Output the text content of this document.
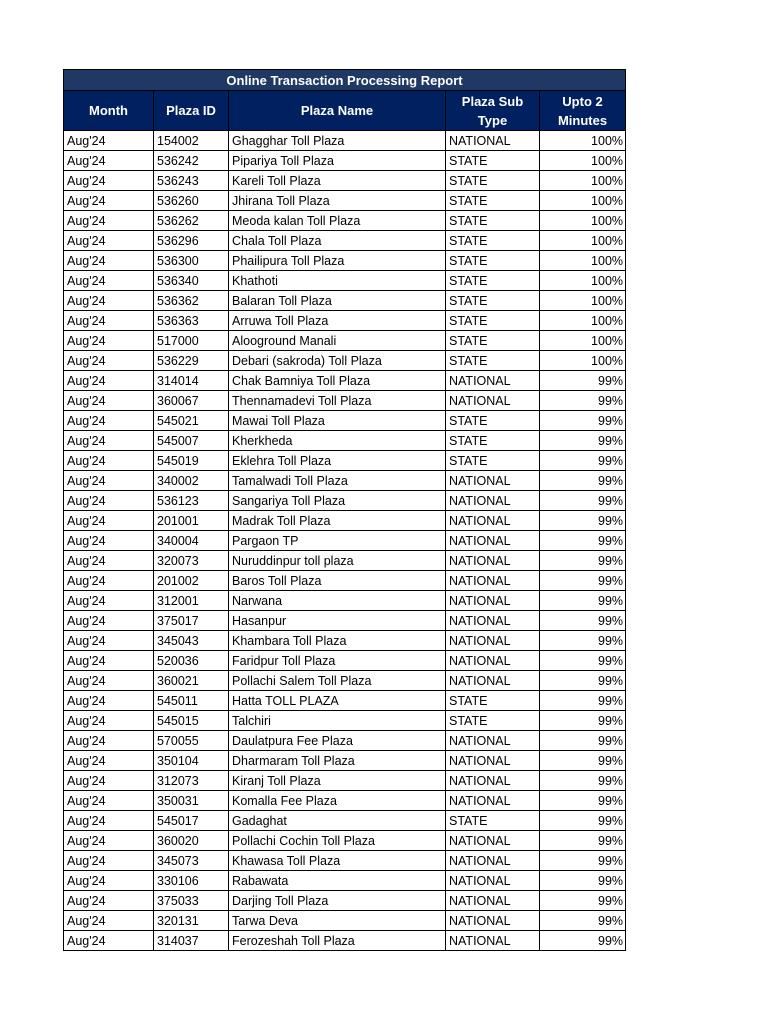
Online Transaction Processing Report				
Month	Plaza ID	Plaza Name	Plaza Sub Type	Upto 2 Minutes
Aug'24	154002	Ghagghar Toll Plaza	NATIONAL	100%
Aug'24	536242	Pipariya Toll Plaza	STATE	100%
Aug'24	536243	Kareli Toll Plaza	STATE	100%
Aug'24	536260	Jhirana Toll Plaza	STATE	100%
Aug'24	536262	Meoda kalan Toll Plaza	STATE	100%
Aug'24	536296	Chala Toll Plaza	STATE	100%
Aug'24	536300	Phailipura Toll Plaza	STATE	100%
Aug'24	536340	Khathoti	STATE	100%
Aug'24	536362	Balaran Toll Plaza	STATE	100%
Aug'24	536363	Arruwa Toll Plaza	STATE	100%
Aug'24	517000	Alooground Manali	STATE	100%
Aug'24	536229	Debari (sakroda) Toll Plaza	STATE	100%
Aug'24	314014	Chak Bamniya Toll Plaza	NATIONAL	99%
Aug'24	360067	Thennamadevi Toll Plaza	NATIONAL	99%
Aug'24	545021	Mawai Toll Plaza	STATE	99%
Aug'24	545007	Kherkheda	STATE	99%
Aug'24	545019	Eklehra Toll Plaza	STATE	99%
Aug'24	340002	Tamalwadi Toll Plaza	NATIONAL	99%
Aug'24	536123	Sangariya Toll Plaza	NATIONAL	99%
Aug'24	201001	Madrak Toll Plaza	NATIONAL	99%
Aug'24	340004	Pargaon TP	NATIONAL	99%
Aug'24	320073	Nuruddinpur toll plaza	NATIONAL	99%
Aug'24	201002	Baros Toll Plaza	NATIONAL	99%
Aug'24	312001	Narwana	NATIONAL	99%
Aug'24	375017	Hasanpur	NATIONAL	99%
Aug'24	345043	Khambara Toll Plaza	NATIONAL	99%
Aug'24	520036	Faridpur Toll Plaza	NATIONAL	99%
Aug'24	360021	Pollachi Salem Toll Plaza	NATIONAL	99%
Aug'24	545011	Hatta TOLL PLAZA	STATE	99%
Aug'24	545015	Talchiri	STATE	99%
Aug'24	570055	Daulatpura Fee Plaza	NATIONAL	99%
Aug'24	350104	Dharmaram Toll Plaza	NATIONAL	99%
Aug'24	312073	Kiranj Toll Plaza	NATIONAL	99%
Aug'24	350031	Komalla Fee Plaza	NATIONAL	99%
Aug'24	545017	Gadaghat	STATE	99%
Aug'24	360020	Pollachi Cochin Toll Plaza	NATIONAL	99%
Aug'24	345073	Khawasa Toll Plaza	NATIONAL	99%
Aug'24	330106	Rabawata	NATIONAL	99%
Aug'24	375033	Darjing Toll Plaza	NATIONAL	99%
Aug'24	320131	Tarwa Deva	NATIONAL	99%
Aug'24	314037	Ferozeshah Toll Plaza	NATIONAL	99%
